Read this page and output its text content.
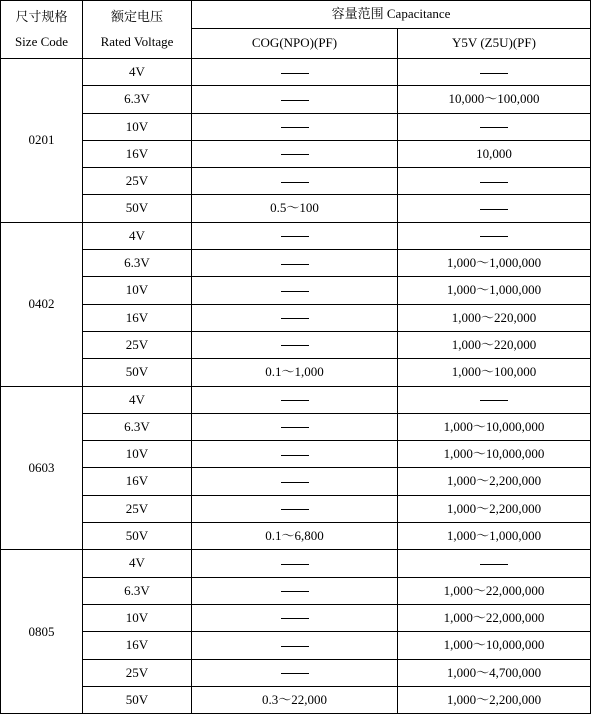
尺寸规格
Size Code	额定电压
Rated Voltage	容量范围 Capacitance	
		COG(NPO)(PF)	Y5V (Z5U)(PF)
0201	4V		
	6.3V		10,000～100,000
	10V		
	16V		10,000
	25V		
	50V	0.5～100	
0402	4V		
	6.3V		1,000～1,000,000
	10V		1,000～1,000,000
	16V		1,000～220,000
	25V		1,000～220,000
	50V	0.1～1,000	1,000～100,000
0603	4V		
	6.3V		1,000～10,000,000
	10V		1,000～10,000,000
	16V		1,000～2,200,000
	25V		1,000～2,200,000
	50V	0.1～6,800	1,000～1,000,000
0805	4V		
	6.3V		1,000～22,000,000
	10V		1,000～22,000,000
	16V		1,000～10,000,000
	25V		1,000～4,700,000
	50V	0.3～22,000	1,000～2,200,000
